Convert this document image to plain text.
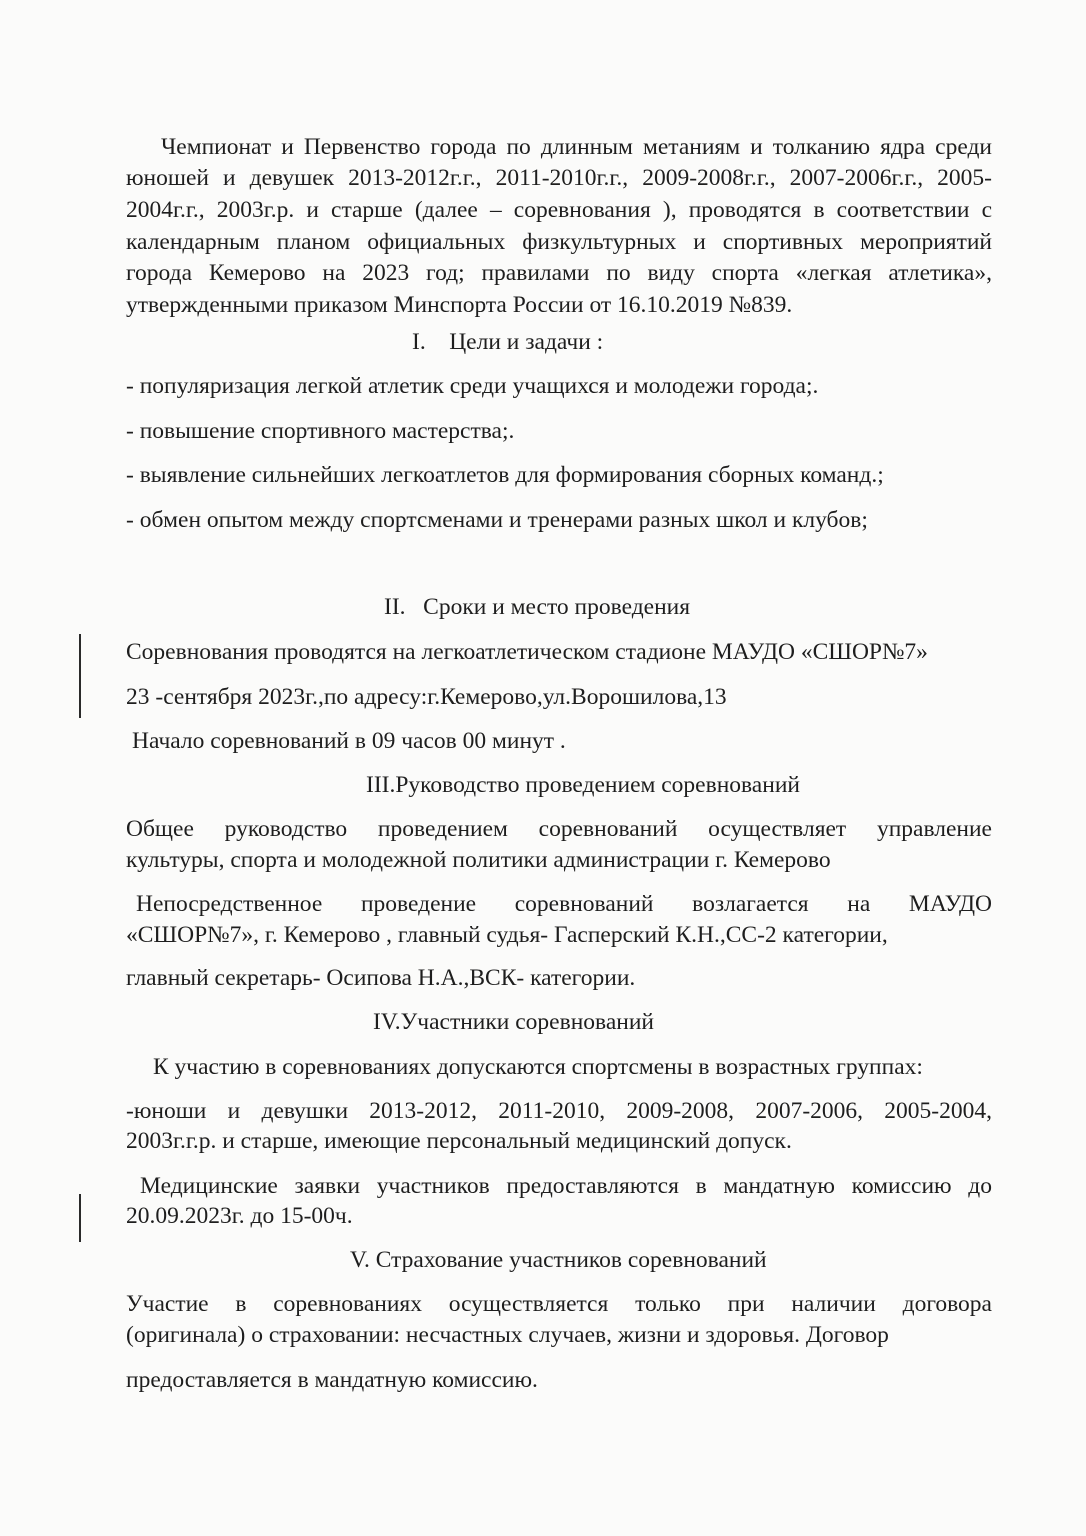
Чемпионат и Первенство города по длинным метаниям и толканию ядра среди
юношей и девушек 2013-2012г.г., 2011-2010г.г., 2009-2008г.г., 2007-2006г.г., 2005-
2004г.г., 2003г.р. и старше (далее – соревнования ), проводятся в соответствии с
календарным планом официальных физкультурных и спортивных мероприятий
города Кемерово на 2023 год; правилами по виду спорта «легкая атлетика»,
утвержденными приказом Минспорта России от 16.10.2019 №839.
I.    Цели и задачи :
- популяризация легкой атлетик среди учащихся и молодежи города;.
- повышение спортивного мастерства;.
- выявление сильнейших легкоатлетов для формирования сборных команд.;
- обмен опытом между спортсменами и тренерами разных школ и клубов;
II.   Сроки и место проведения
Соревнования проводятся на легкоатлетическом стадионе МАУДО «СШОР№7»
23 -сентября 2023г.,по адресу:г.Кемерово,ул.Ворошилова,13
Начало соревнований в 09 часов 00 минут .
III.Руководство проведением соревнований
Общее руководство проведением соревнований осуществляет управление
культуры, спорта и молодежной политики администрации г. Кемерово
Непосредственное проведение соревнований возлагается на МАУДО
«СШОР№7», г. Кемерово , главный судья- Гасперский К.Н.,СС-2 категории,
главный секретарь- Осипова Н.А.,ВСК- категории.
IV.Участники соревнований
К участию в соревнованиях допускаются спортсмены в возрастных группах:
-юноши и девушки 2013-2012, 2011-2010, 2009-2008, 2007-2006, 2005-2004,
2003г.г.р. и старше, имеющие персональный медицинский допуск.
Медицинские заявки участников предоставляются в мандатную комиссию до
20.09.2023г. до 15-00ч.
V. Страхование участников соревнований
Участие в соревнованиях осуществляется только при наличии договора
(оригинала) о страховании: несчастных случаев, жизни и здоровья. Договор
предоставляется в мандатную комиссию.
